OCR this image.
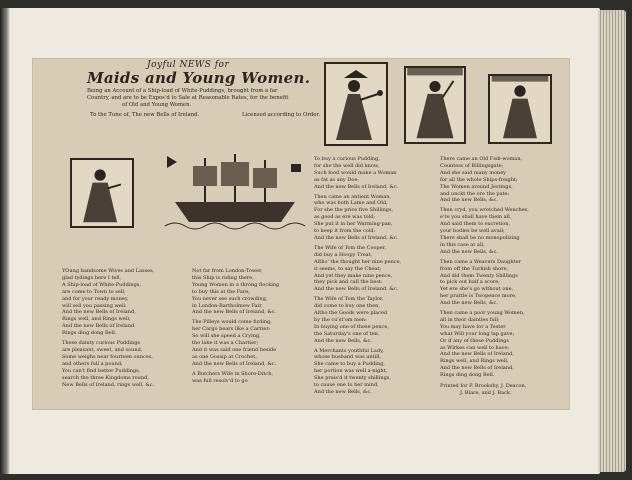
Joyful NEWS for
Maids and Young Women.
Being an Account of a Ship-load of White-Puddings, brought from a far
Country, and are to be Expos'd to Sale at Reasonable Rates, for the benefit
of Old and Young Women.
To the Tune of, The new Bells of Ireland.	Licensed according to Order.
YOung handsome Wives and Lasses,
glad tydings here I tell,
A Ship-load of White-Puddings,
are come to Town to sell,
and for your ready money,
will sell you passing well:
And the new Bells of Ireland,
Rings well, and Rings well,
And the new Bells of Ireland
Rings ding dong Bell.
These dainty curious Puddings
are pleasant, sweet, and sound,
Some weighs near fourteen ounces,
and others full a pound,
You can't find better Puddings,
search the three Kingdoms round,
New Bells of Ireland, rings well, &c.
Not far from London-Tower,
this Ship is riding there,
Young Women in a throng flocking
to buy this at the Fare;
You never see such crowding,
in London-Bartholmew Fair,
And the new Bells of Ireland, &c.
The Pilleys would come furling,
her Cargo bears like a Carrier:
So will she speed a Crying,
tho lake it was a Chartier;
And it was said one friend beside
as one Gossip at Crochet,
And the new Bells of Ireland, &c.
A Butchers Wife in Shore-Ditch,
was full resolv'd to go
To buy a curious Pudding,
for she the well did know,
Such food would make a Woman
as fat as any Doe;
And the new Bells of Ireland, &c.
Then came an antient Woman,
who was both Lame and Old,
For she the price five Shillings,
as good as ere was told;
She put it in her Warming-pan,
to keep it from the cold:
And the new Bells of Ireland, &c.
The Wife of Tom the Cooper,
did buy a Hoopy Treat,
Altho' the thought her nine pence,
it seems, to say the Cheat;
And yet they make nine pence,
they pick and call the best:
And the new Bells of Ireland, &c.
The Wife of Tom the Taylor,
did come to buy one then,
Altho the Goods were placed
by the cu'st'om men:
In buying one of these pence,
the Saturday's one of ten,
And the new Bells, &c.
A Merchants youthful Lady,
whose husband was untill,
She came to buy a Pudding,
her portion was well a-night,
She prais'd it twenty shillings,
to cause one to her mind,
And the new Bells, &c.
There came an Old Fish-woman,
Countess of Billingsgate;
And she said many money
for all the whole Ships-freight;
The Women around Jestings,
and unckt the ore the pate:
And the new Bells, &c.
Then cryd, you wretched Wenches,
e're you shall have them all,
And said them to excretion,
your bodies be well avail;
There shall be no monopolizing
in this case at all,
And the new Bells, &c.
Then came a Weavers Daughter
from off the Turkish shore,
And did them Twenty Shillings
to pick out half a score;
Yet ere she's go without one,
her prattle is Twopence more,
And the new Bells, &c.
Then came a poor young Women,
all in their dainties full;
You may have for a Tester
what Will your long lap gave;
Or if any of these Puddings
as Wirkes can well to have;
And the new Bells of Ireland,
Rings well, and Rings well,
And the new Bells of Ireland,
Rings ding dong Bell.
Printed for P. Brooksby, J. Deacon,
J. Blare, and J. Back.
